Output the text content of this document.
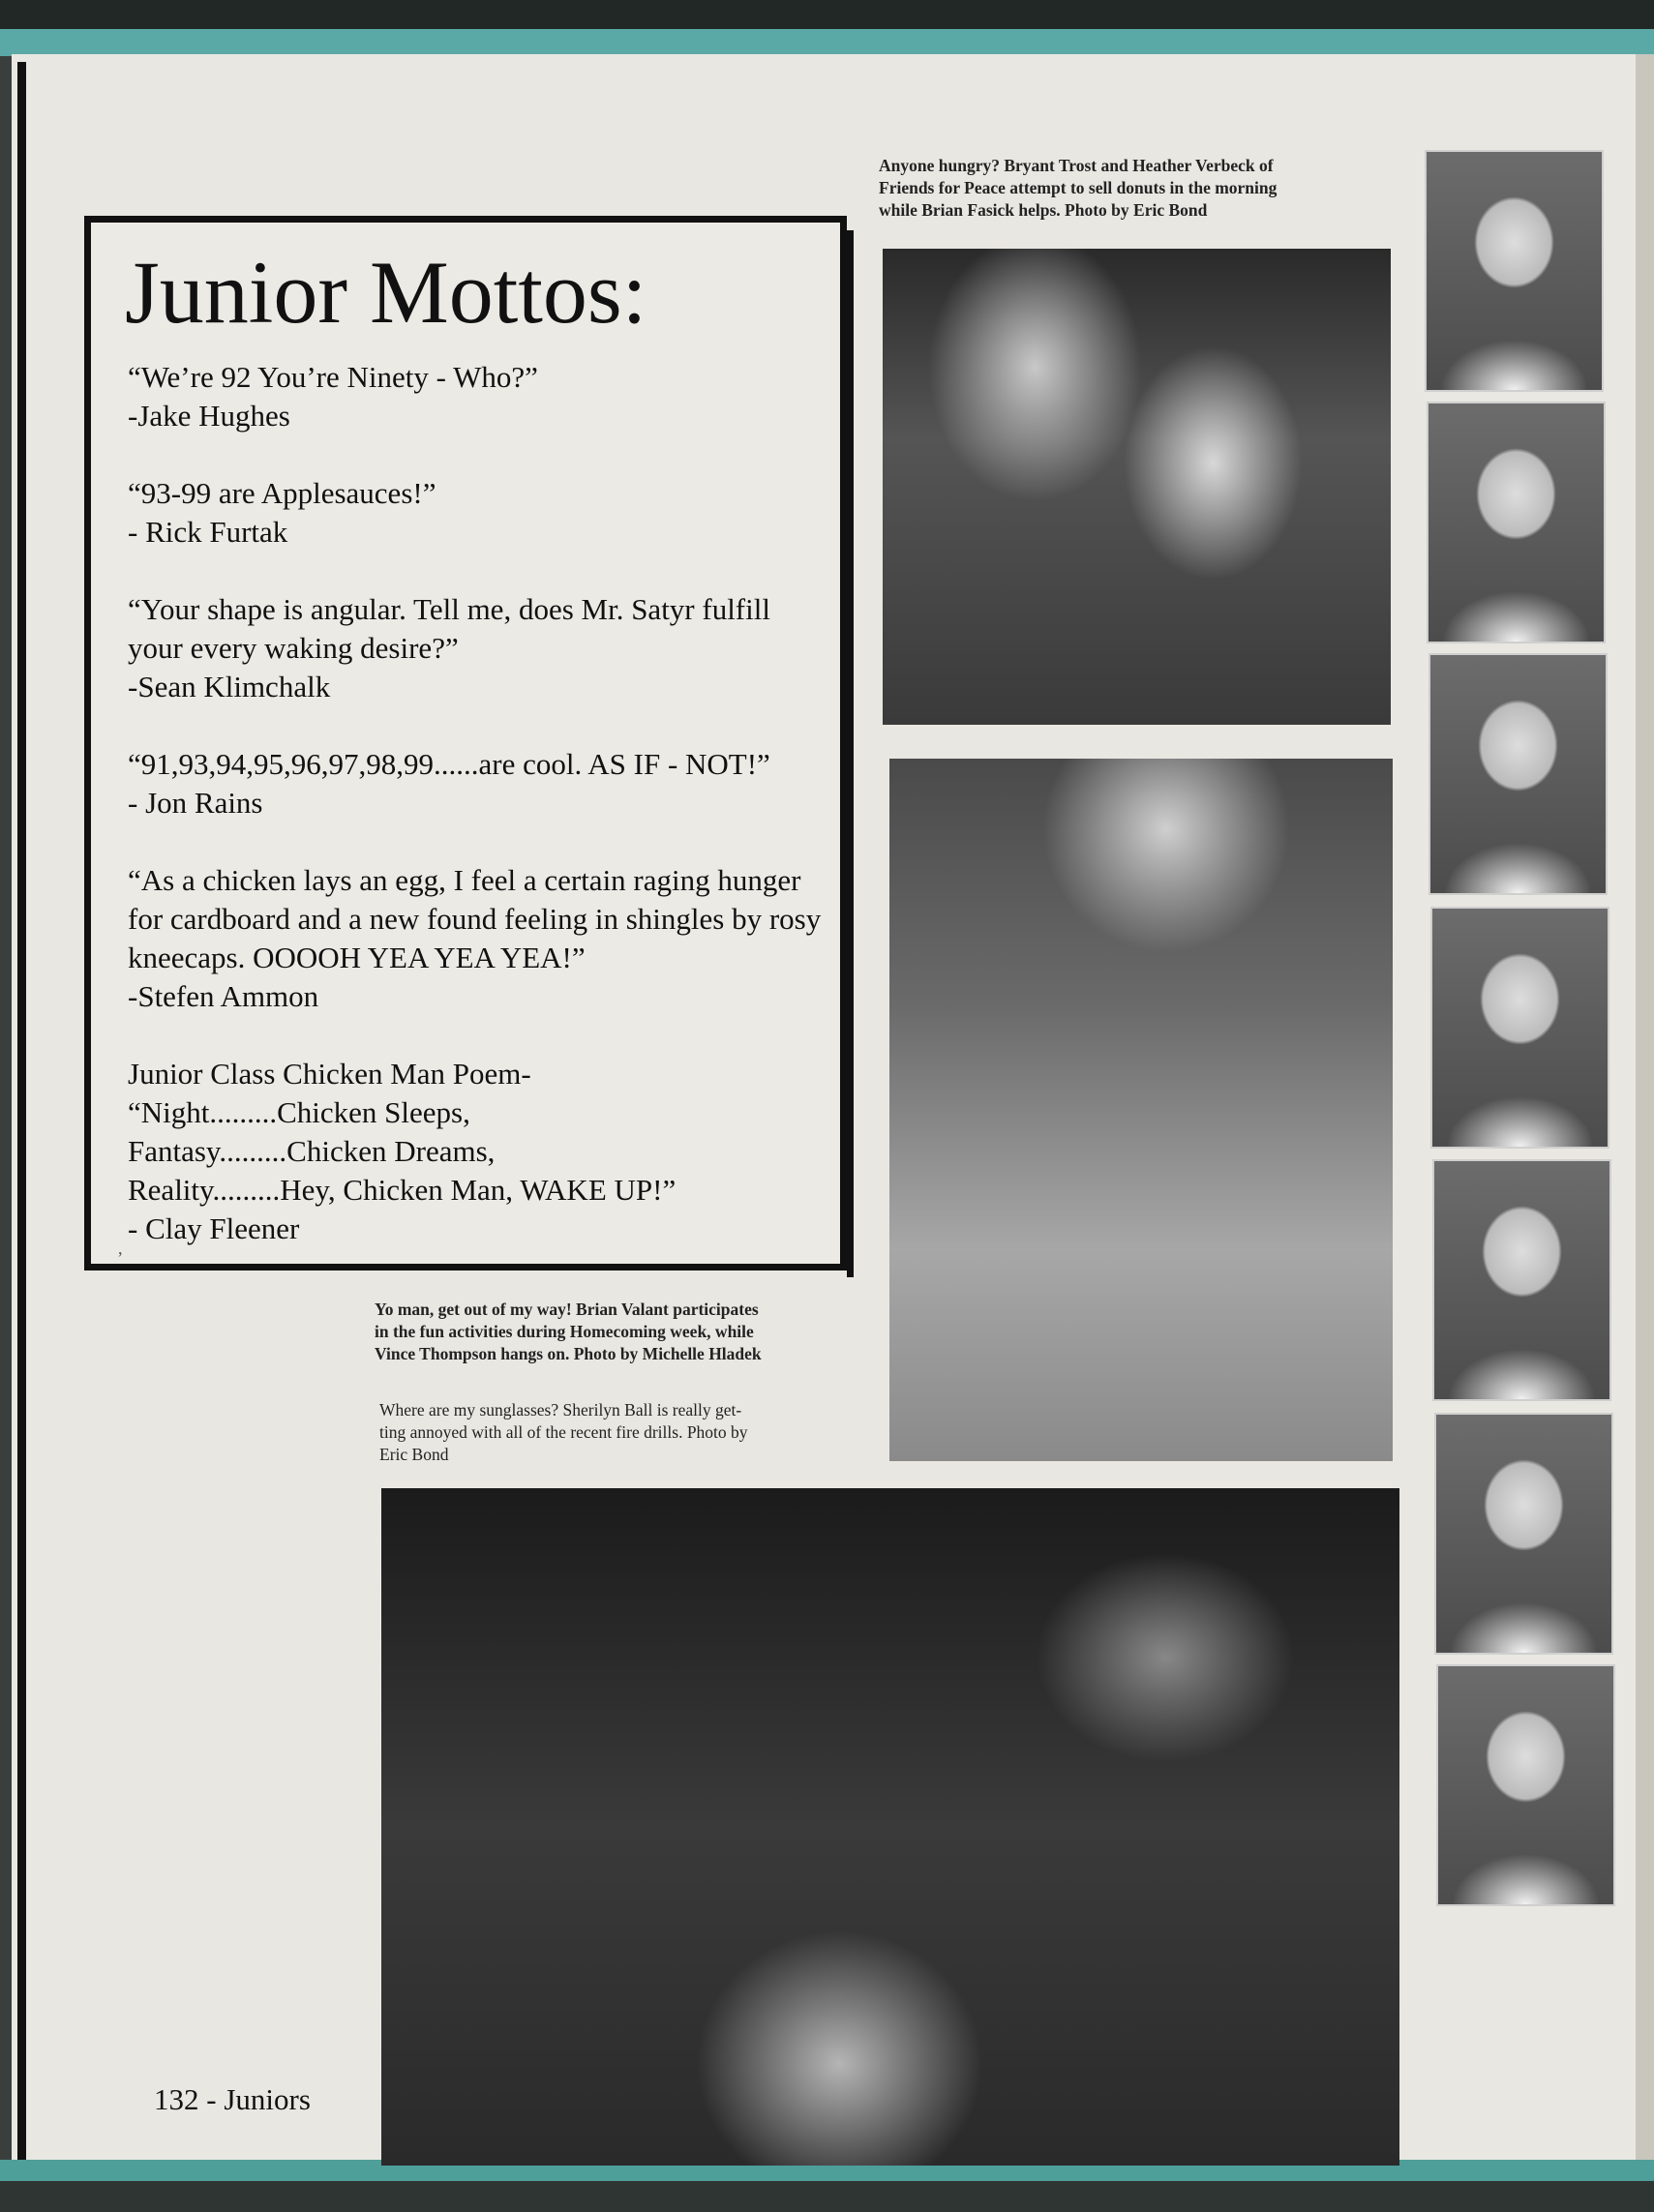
Junior Mottos:
“We’re 92 You’re Ninety - Who?”
-Jake Hughes
“93-99 are Applesauces!”
- Rick Furtak
“Your shape is angular. Tell me, does Mr. Satyr fulfill
your every waking desire?”
-Sean Klimchalk
“91,93,94,95,96,97,98,99......are cool. AS IF - NOT!”
- Jon Rains
“As a chicken lays an egg, I feel a certain raging hunger
for cardboard and a new found feeling in shingles by rosy
kneecaps. OOOOH YEA YEA YEA!”
-Stefen Ammon
Junior Class Chicken Man Poem-
“Night.........Chicken Sleeps,
Fantasy.........Chicken Dreams,
Reality.........Hey, Chicken Man, WAKE UP!”
- Clay Fleener
,
Anyone hungry? Bryant Trost and Heather Verbeck of
Friends for Peace attempt to sell donuts in the morning
while Brian Fasick helps. Photo by Eric Bond
Yo man, get out of my way! Brian Valant participates
in the fun activities during Homecoming week, while
Vince Thompson hangs on. Photo by Michelle Hladek
Where are my sunglasses? Sherilyn Ball is really get-
ting annoyed with all of the recent fire drills. Photo by
Eric Bond
132 - Juniors
